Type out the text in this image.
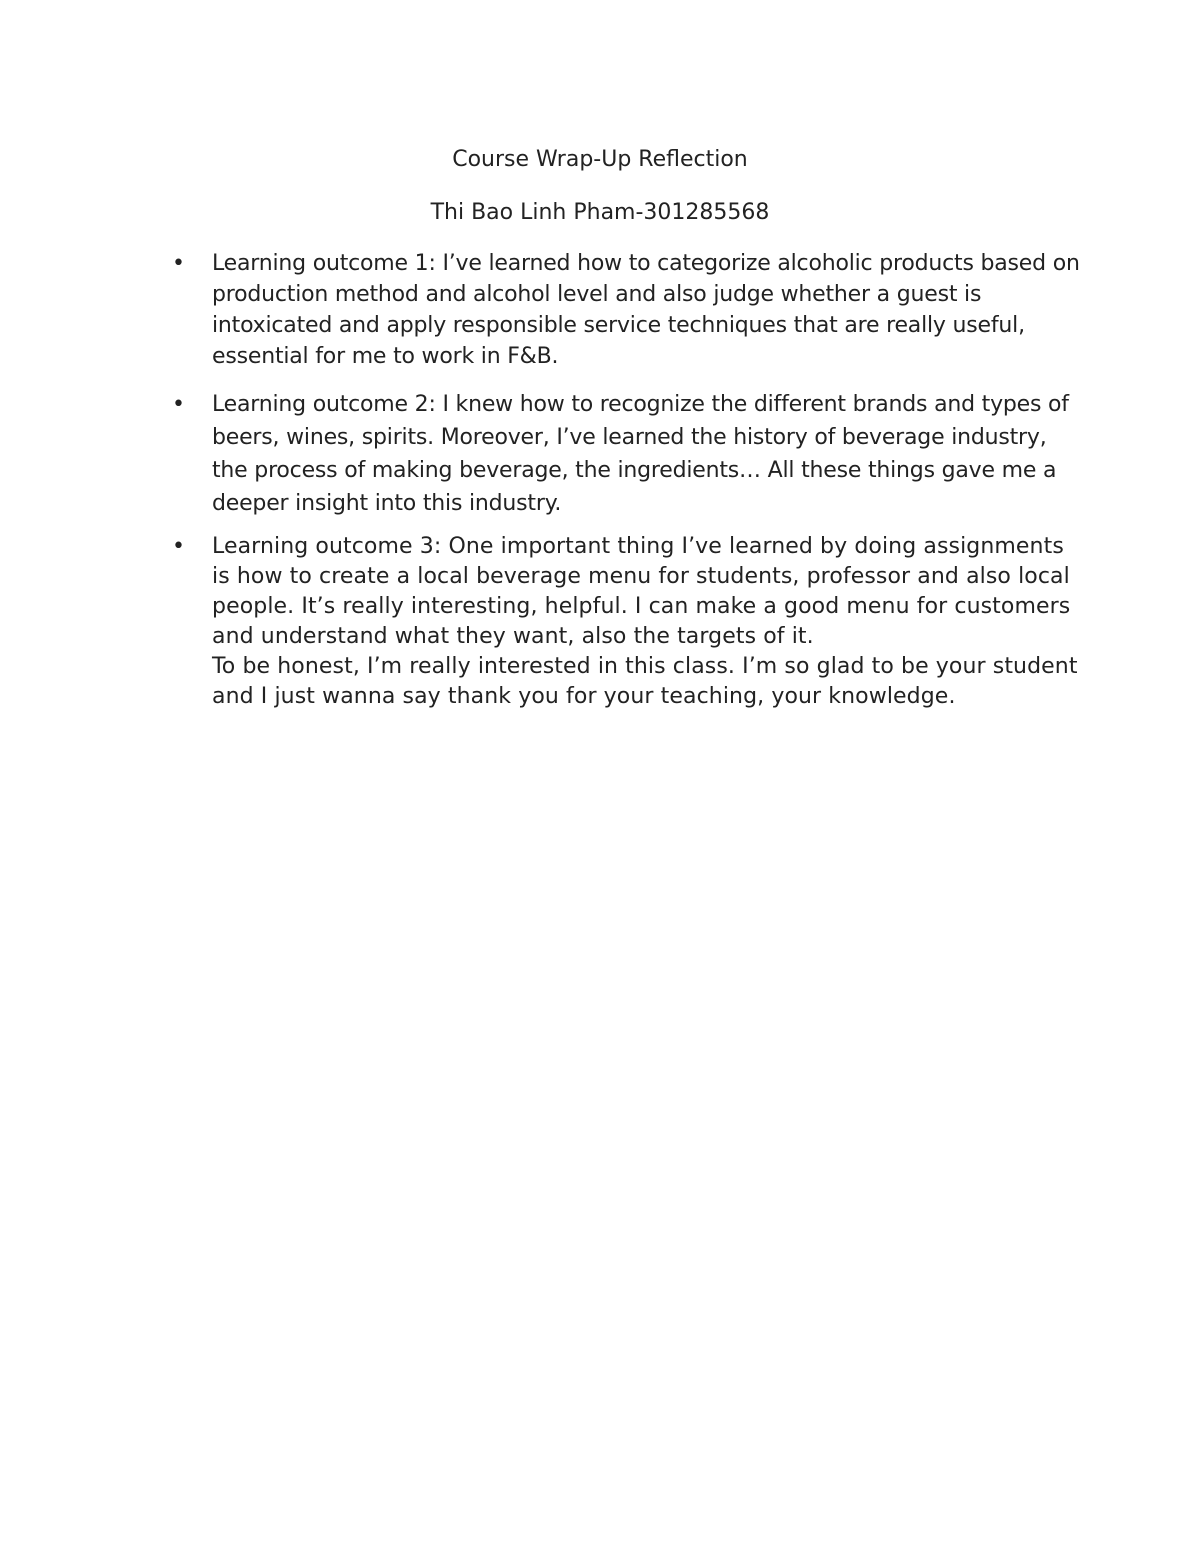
Course Wrap-Up Reflection
Thi Bao Linh Pham-301285568
• Learning outcome 1: I’ve learned how to categorize alcoholic products based on production method and alcohol level and also judge whether a guest is intoxicated and apply responsible service techniques that are really useful, essential for me to work in F&B.

• Learning outcome 2: I knew how to recognize the different brands and types of beers, wines, spirits. Moreover, I’ve learned the history of beverage industry, the process of making beverage, the ingredients… All these things gave me a deeper insight into this industry.

• Learning outcome 3: One important thing I’ve learned by doing assignments is how to create a local beverage menu for students, professor and also local people. It’s really interesting, helpful. I can make a good menu for customers and understand what they want, also the targets of it.

To be honest, I’m really interested in this class. I’m so glad to be your student and I just wanna say thank you for your teaching, your knowledge.
